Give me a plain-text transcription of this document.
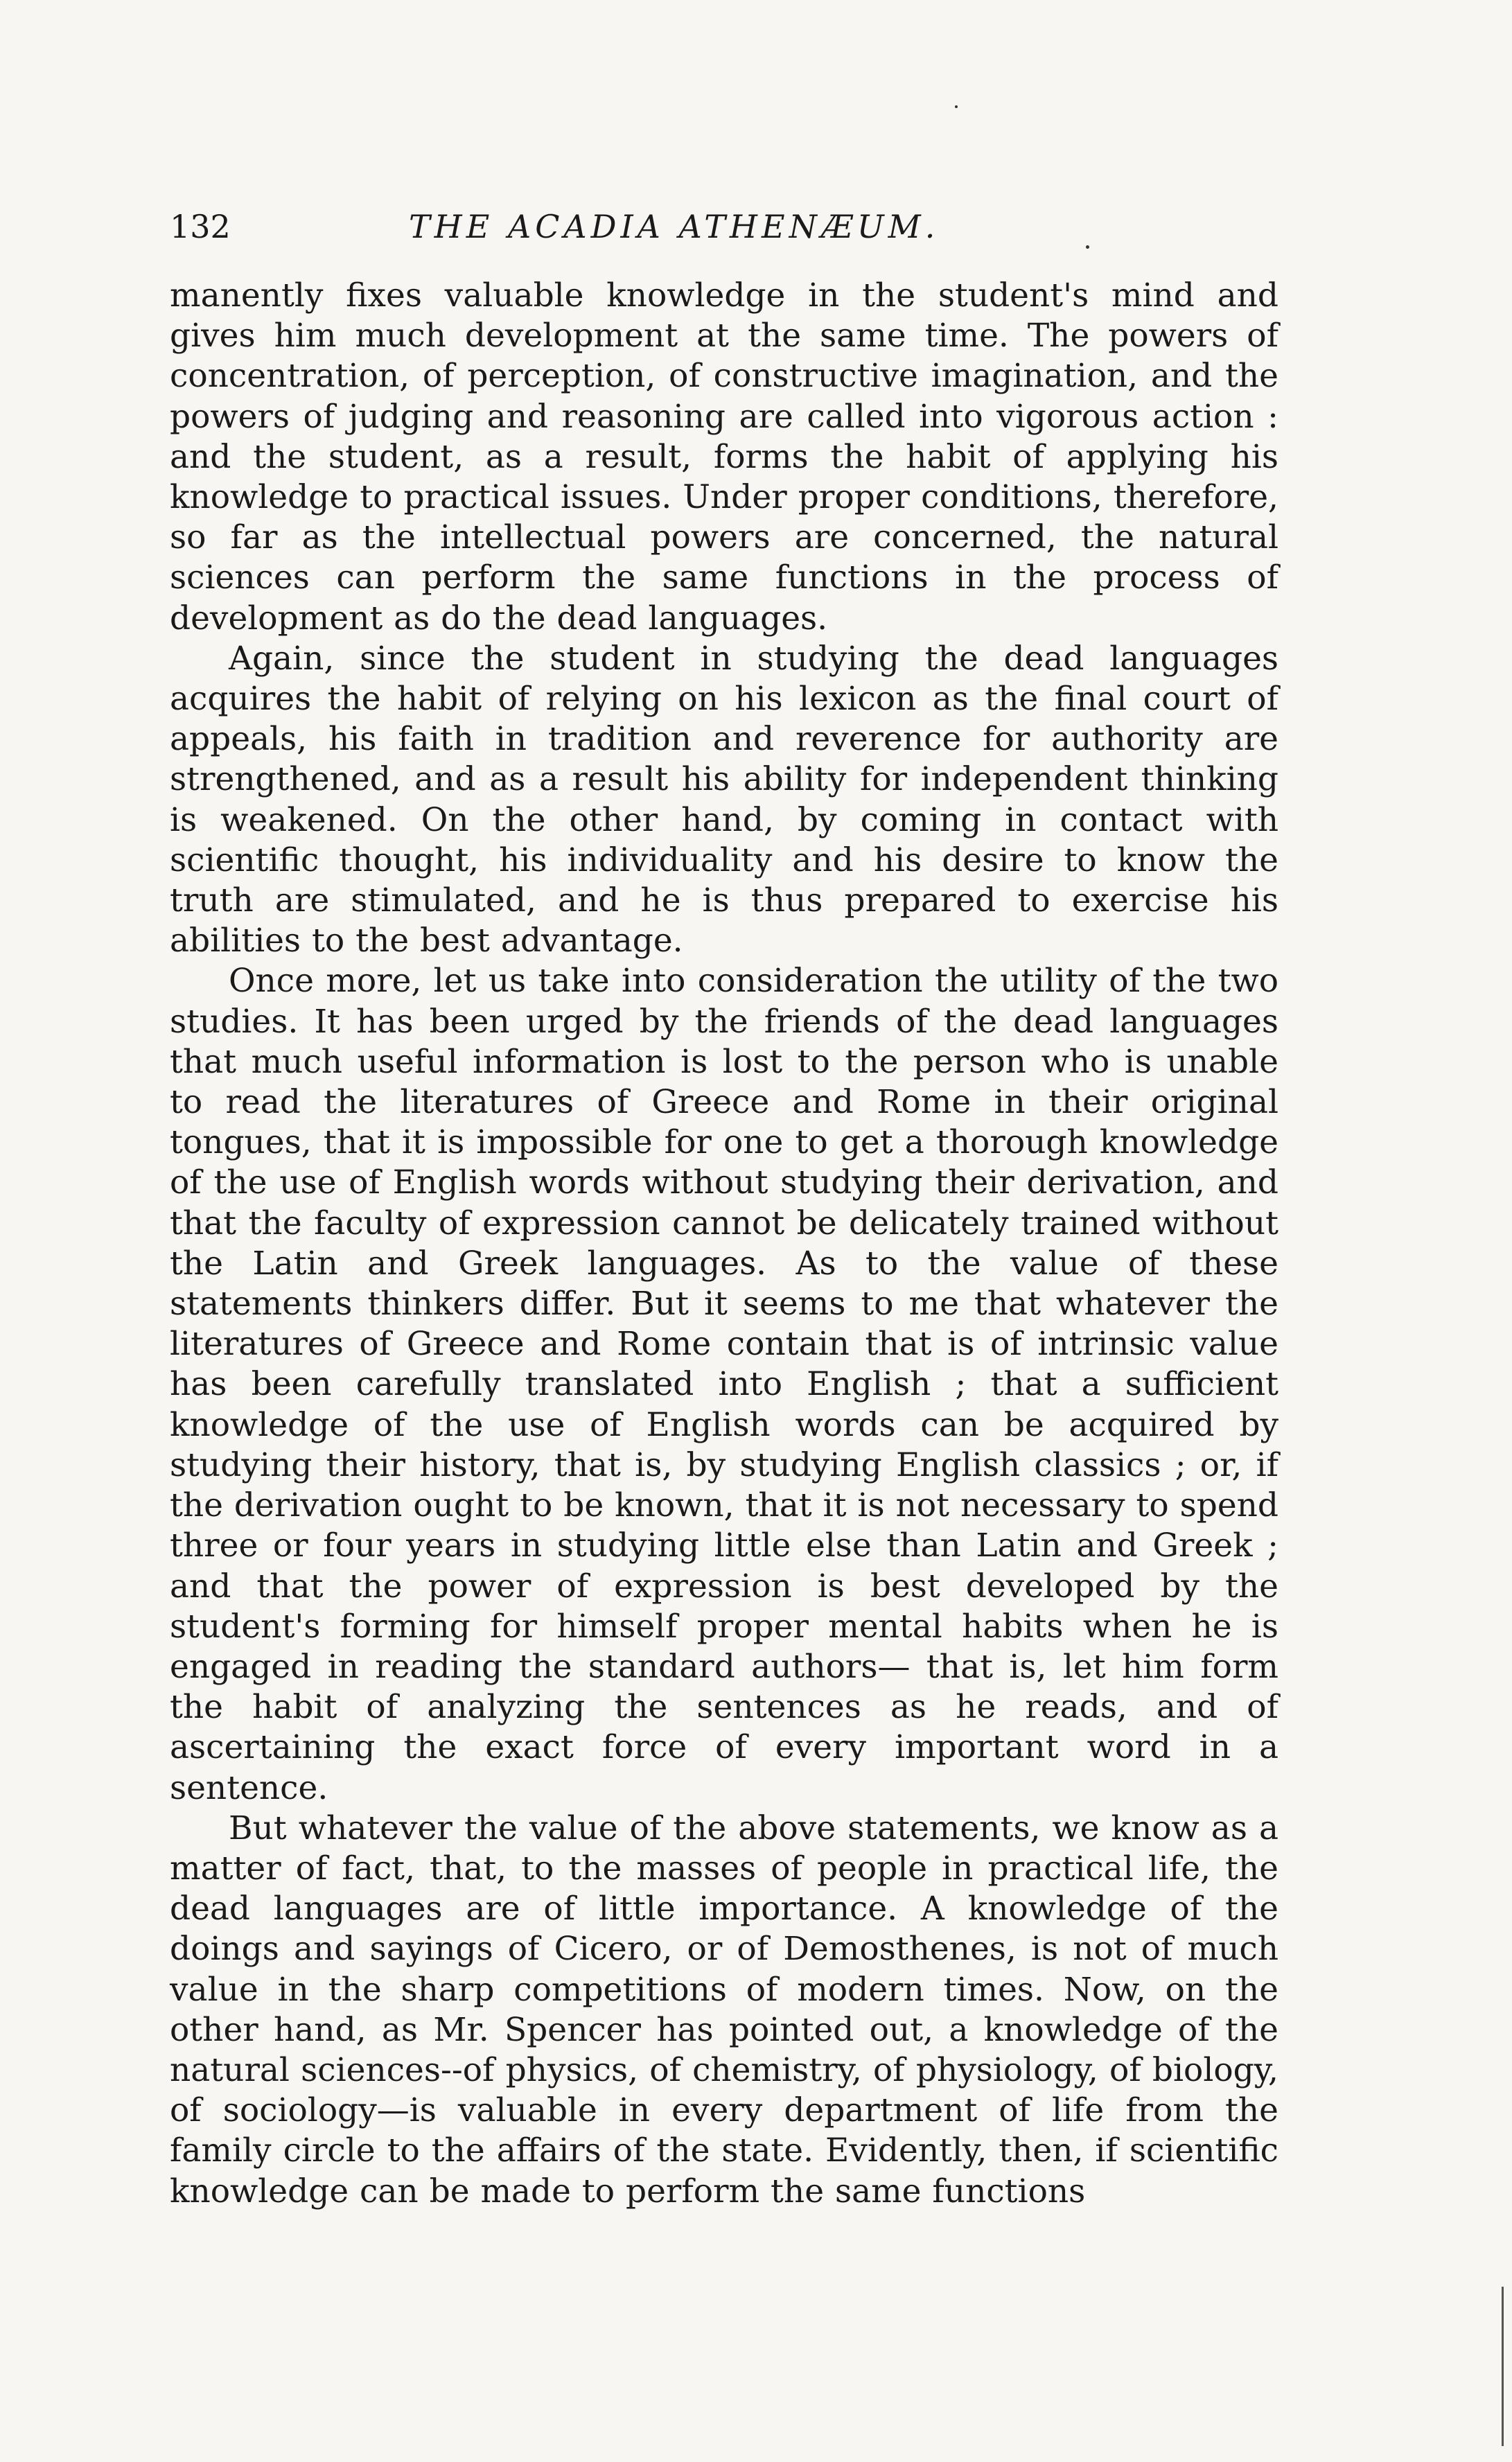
132	THE ACADIA ATHENÆUM.

manently fixes valuable knowledge in the student's mind and gives him much development at the same time. The powers of concentration, of perception, of constructive imagination, and the powers of judging and reasoning are called into vigorous action : and the student, as a result, forms the habit of applying his knowledge to practical issues. Under proper conditions, therefore, so far as the intellectual powers are concerned, the natural sciences can perform the same functions in the process of development as do the dead languages.

Again, since the student in studying the dead languages acquires the habit of relying on his lexicon as the final court of appeals, his faith in tradition and reverence for authority are strengthened, and as a result his ability for independent thinking is weakened. On the other hand, by coming in contact with scientific thought, his individuality and his desire to know the truth are stimulated, and he is thus prepared to exercise his abilities to the best advantage.

Once more, let us take into consideration the utility of the two studies. It has been urged by the friends of the dead languages that much useful information is lost to the person who is unable to read the literatures of Greece and Rome in their original tongues, that it is impossible for one to get a thorough knowledge of the use of English words without studying their derivation, and that the faculty of expression cannot be delicately trained without the Latin and Greek languages. As to the value of these statements thinkers differ. But it seems to me that whatever the literatures of Greece and Rome contain that is of intrinsic value has been carefully translated into English ; that a sufficient knowledge of the use of English words can be acquired by studying their history, that is, by studying English classics ; or, if the derivation ought to be known, that it is not necessary to spend three or four years in studying little else than Latin and Greek ; and that the power of expression is best developed by the student's forming for himself proper mental habits when he is engaged in reading the standard authors— that is, let him form the habit of analyzing the sentences as he reads, and of ascertaining the exact force of every important word in a sentence.

But whatever the value of the above statements, we know as a matter of fact, that, to the masses of people in practical life, the dead languages are of little importance. A knowledge of the doings and sayings of Cicero, or of Demosthenes, is not of much value in the sharp competitions of modern times. Now, on the other hand, as Mr. Spencer has pointed out, a knowledge of the natural sciences--of physics, of chemistry, of physiology, of biology, of sociology—is valuable in every department of life from the family circle to the affairs of the state. Evidently, then, if scientific knowledge can be made to perform the same functions
